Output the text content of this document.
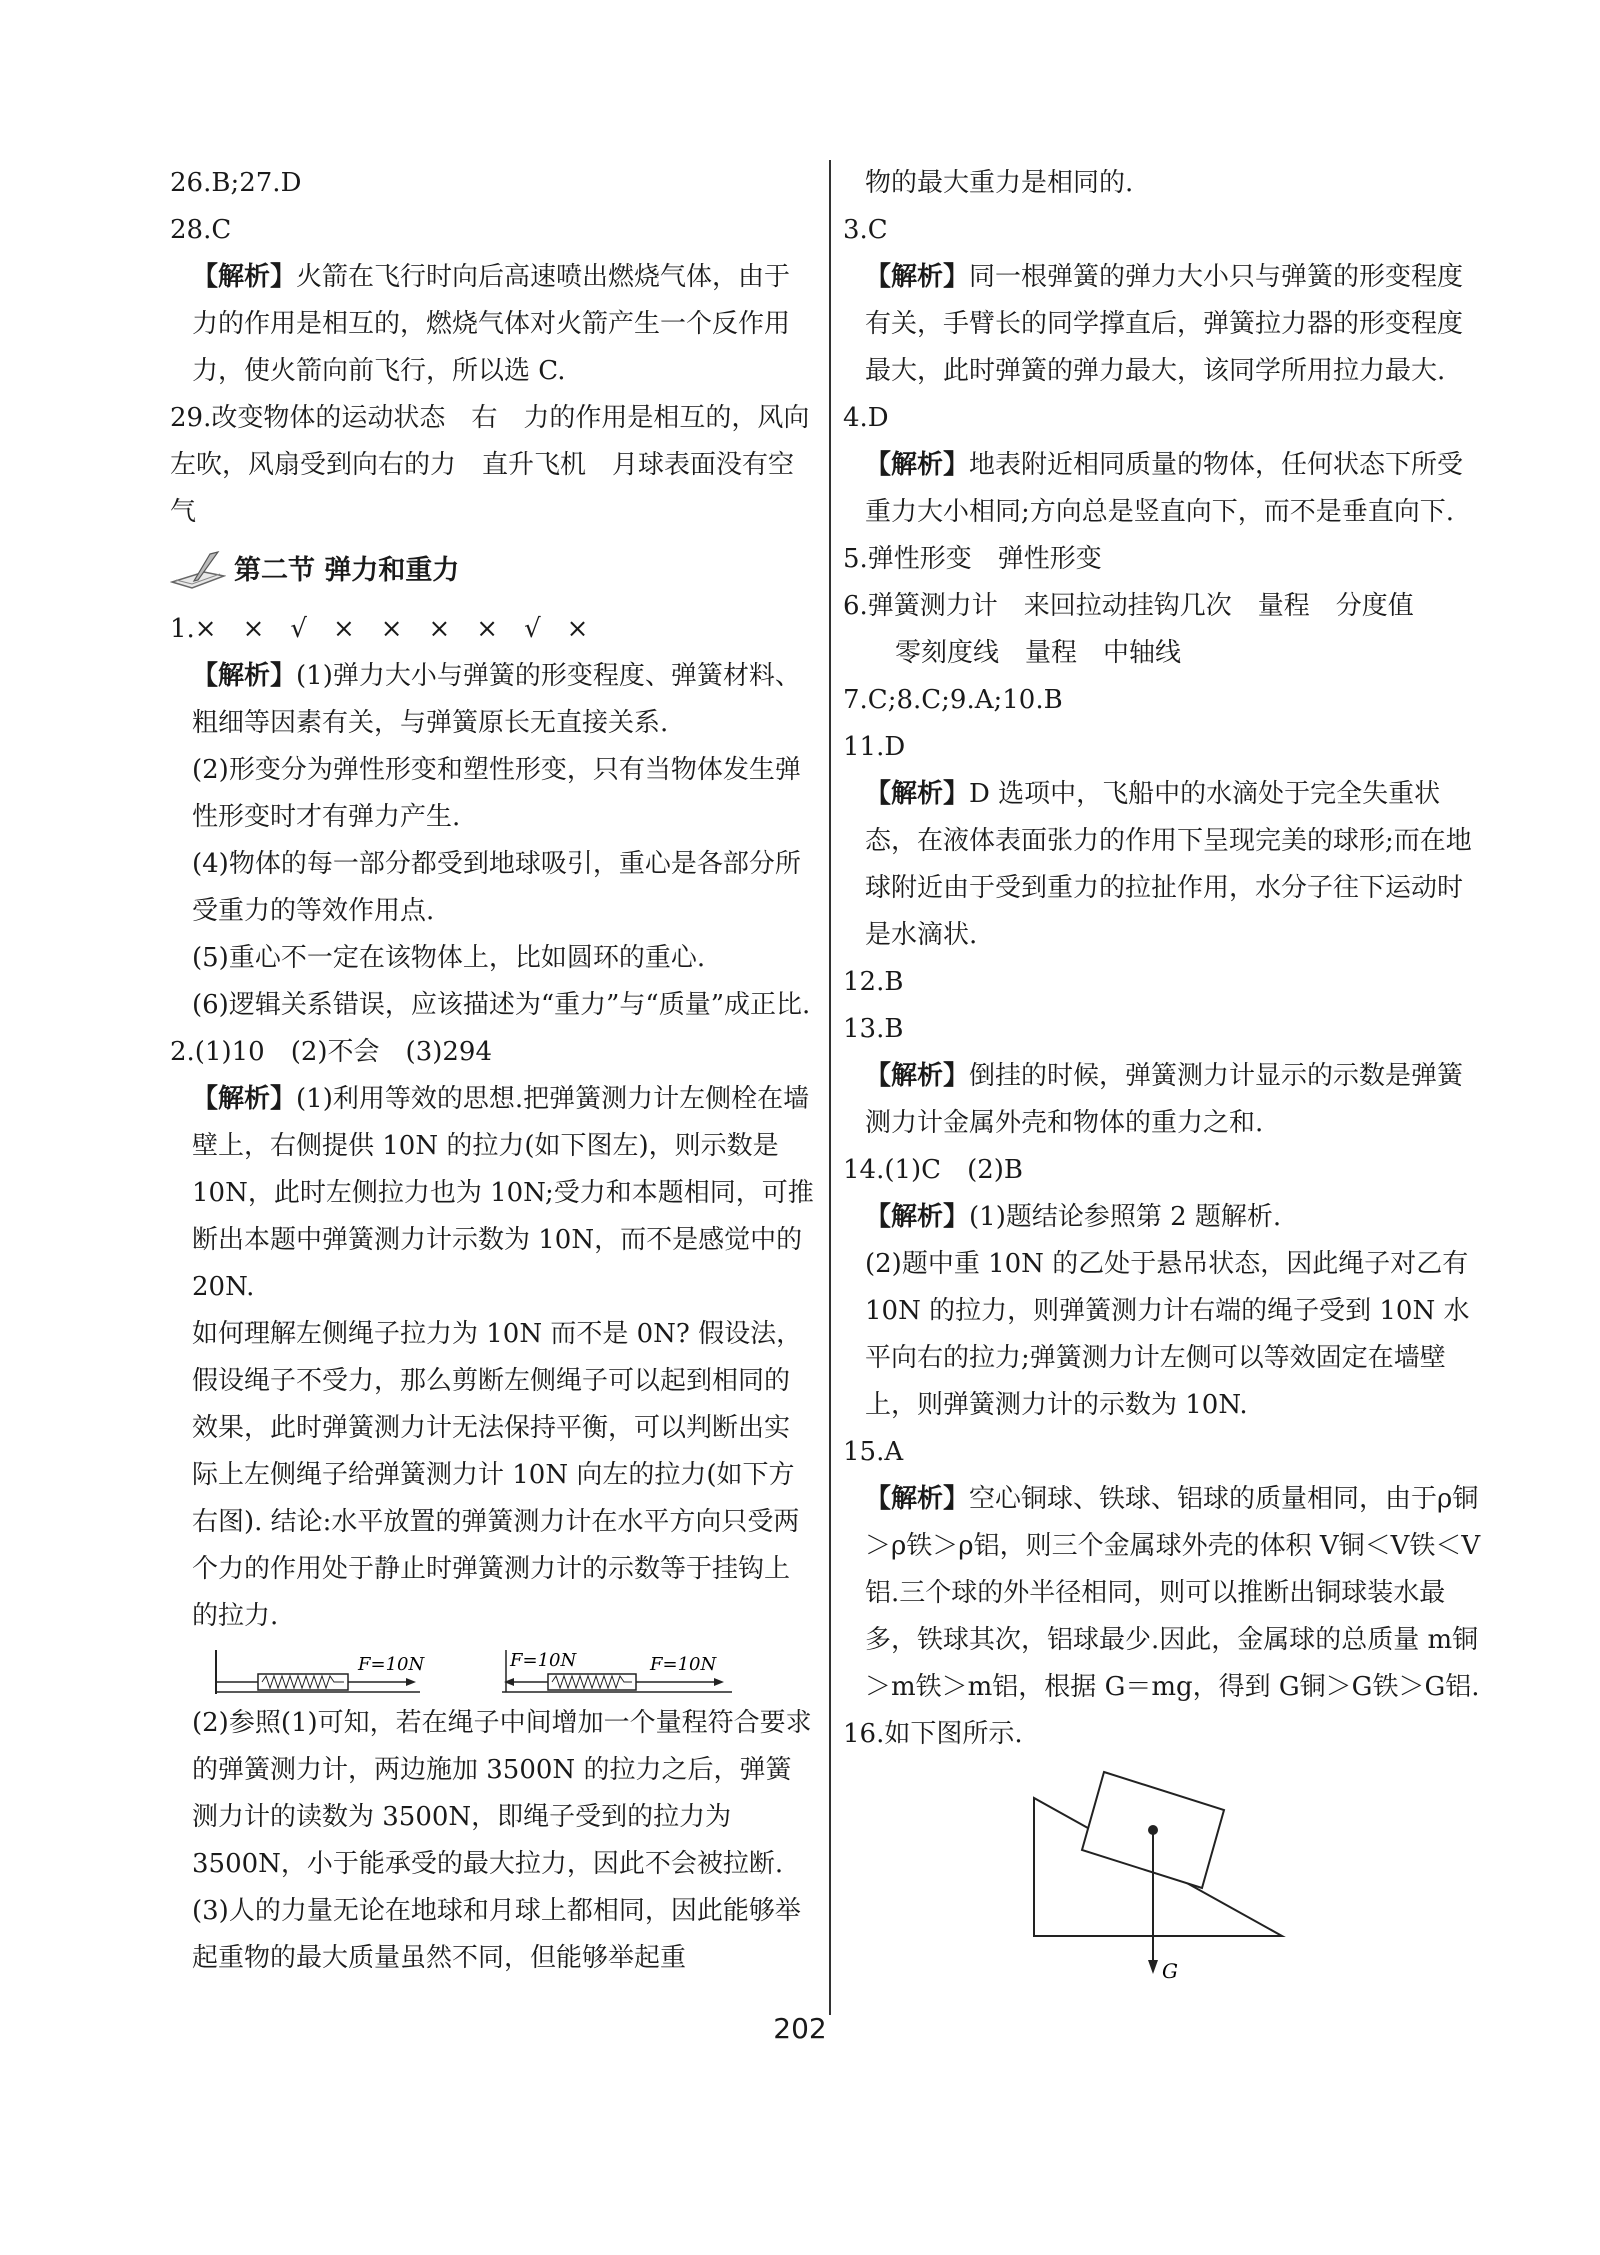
26.B;27.D

28.C

【解析】火箭在飞行时向后高速喷出燃烧气体，由于力的作用是相互的，燃烧气体对火箭产生一个反作用力，使火箭向前飞行，所以选 C.

29.改变物体的运动状态　右　力的作用是相互的，风向左吹，风扇受到向右的力　直升飞机　月球表面没有空气

第二节 弹力和重力

1.×　×　√　×　×　×　×　√　×

【解析】(1)弹力大小与弹簧的形变程度、弹簧材料、粗细等因素有关，与弹簧原长无直接关系.

(2)形变分为弹性形变和塑性形变，只有当物体发生弹性形变时才有弹力产生.

(4)物体的每一部分都受到地球吸引，重心是各部分所受重力的等效作用点.

(5)重心不一定在该物体上，比如圆环的重心.

(6)逻辑关系错误，应该描述为“重力”与“质量”成正比.

2.(1)10　(2)不会　(3)294

【解析】(1)利用等效的思想.把弹簧测力计左侧栓在墙壁上，右侧提供 10N 的拉力(如下图左)，则示数是 10N，此时左侧拉力也为 10N;受力和本题相同，可推断出本题中弹簧测力计示数为 10N，而不是感觉中的 20N.

如何理解左侧绳子拉力为 10N 而不是 0N? 假设法，假设绳子不受力，那么剪断左侧绳子可以起到相同的效果，此时弹簧测力计无法保持平衡，可以判断出实际上左侧绳子给弹簧测力计 10N 向左的拉力(如下方右图). 结论:水平放置的弹簧测力计在水平方向只受两个力的作用处于静止时弹簧测力计的示数等于挂钩上的拉力.

F=10N	F=10N	F=10N

(2)参照(1)可知，若在绳子中间增加一个量程符合要求的弹簧测力计，两边施加 3500N 的拉力之后，弹簧测力计的读数为 3500N，即绳子受到的拉力为 3500N，小于能承受的最大拉力，因此不会被拉断.

(3)人的力量无论在地球和月球上都相同，因此能够举起重物的最大质量虽然不同，但能够举起重

物的最大重力是相同的.

3.C

【解析】同一根弹簧的弹力大小只与弹簧的形变程度有关，手臂长的同学撑直后，弹簧拉力器的形变程度最大，此时弹簧的弹力最大，该同学所用拉力最大.

4.D

【解析】地表附近相同质量的物体，任何状态下所受重力大小相同;方向总是竖直向下，而不是垂直向下.

5.弹性形变　弹性形变

6.弹簧测力计　来回拉动挂钩几次　量程　分度值

零刻度线　量程　中轴线

7.C;8.C;9.A;10.B

11.D

【解析】D 选项中，飞船中的水滴处于完全失重状态，在液体表面张力的作用下呈现完美的球形;而在地球附近由于受到重力的拉扯作用，水分子往下运动时是水滴状.

12.B

13.B

【解析】倒挂的时候，弹簧测力计显示的示数是弹簧测力计金属外壳和物体的重力之和.

14.(1)C　(2)B

【解析】(1)题结论参照第 2 题解析.

(2)题中重 10N 的乙处于悬吊状态，因此绳子对乙有 10N 的拉力，则弹簧测力计右端的绳子受到 10N 水平向右的拉力;弹簧测力计左侧可以等效固定在墙壁上，则弹簧测力计的示数为 10N.

15.A

【解析】空心铜球、铁球、铝球的质量相同，由于ρ铜＞ρ铁＞ρ铝，则三个金属球外壳的体积 V铜＜V铁＜V铝.三个球的外半径相同，则可以推断出铜球装水最多，铁球其次，铝球最少.因此，金属球的总质量 m铜＞m铁＞m铝，根据 G＝mg，得到 G铜＞G铁＞G铝.

16.如下图所示.

G
202
